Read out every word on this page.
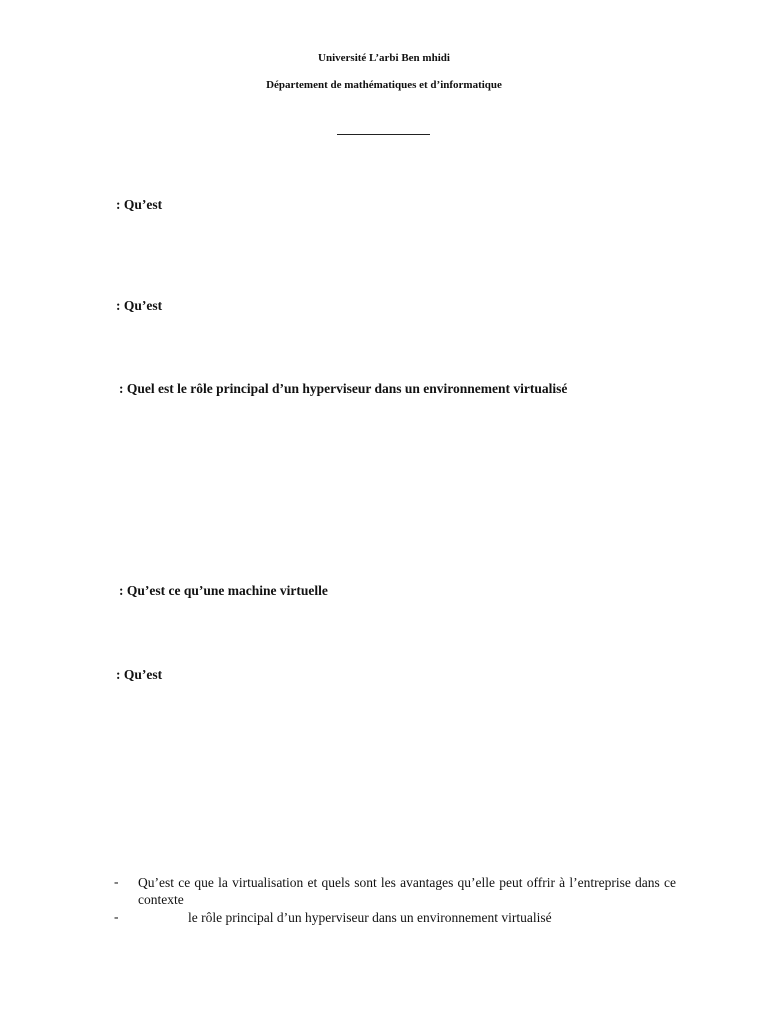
Université L’arbi Ben mhidi
Département de mathématiques et d’informatique
: Qu’est
: Qu’est
: Quel est le rôle principal d’un hyperviseur dans un environnement virtualisé
: Qu’est ce qu’une machine virtuelle
: Qu’est
- Qu’est ce que la virtualisation et quels sont les avantages qu’elle peut offrir à l’entreprise dans ce contexte
-	le rôle principal d’un hyperviseur dans un environnement virtualisé
